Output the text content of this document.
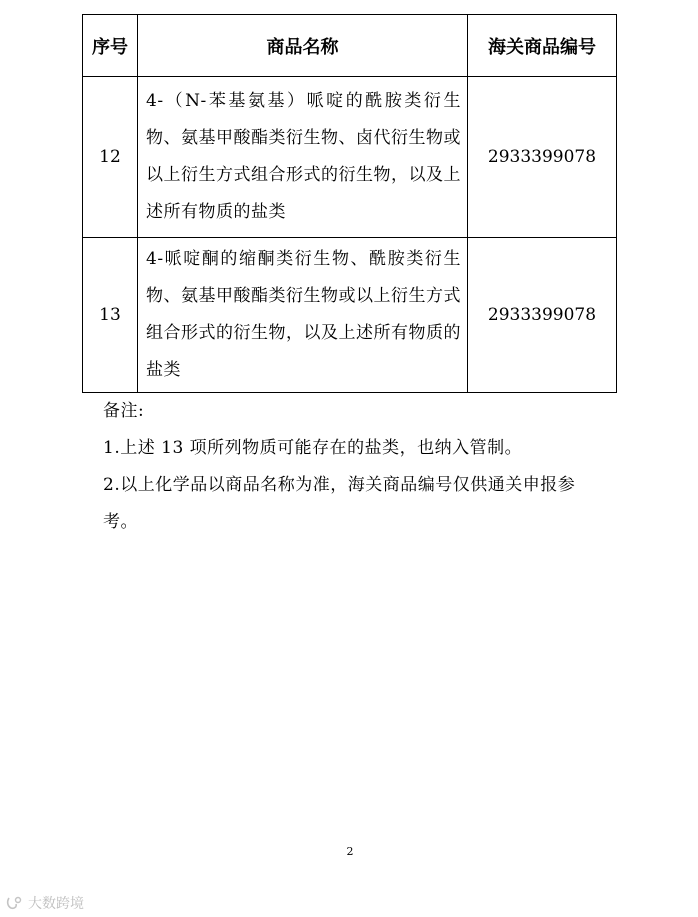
序号	商品名称	海关商品编号
12	4-（N-苯基氨基）哌啶的酰胺类衍生物、氨基甲酸酯类衍生物、卤代衍生物或以上衍生方式组合形式的衍生物，以及上述所有物质的盐类	2933399078
13	4-哌啶酮的缩酮类衍生物、酰胺类衍生物、氨基甲酸酯类衍生物或以上衍生方式组合形式的衍生物，以及上述所有物质的盐类	2933399078

备注:

1.上述 13 项所列物质可能存在的盐类，也纳入管制。

2.以上化学品以商品名称为准，海关商品编号仅供通关申报参考。

2
大数跨境
